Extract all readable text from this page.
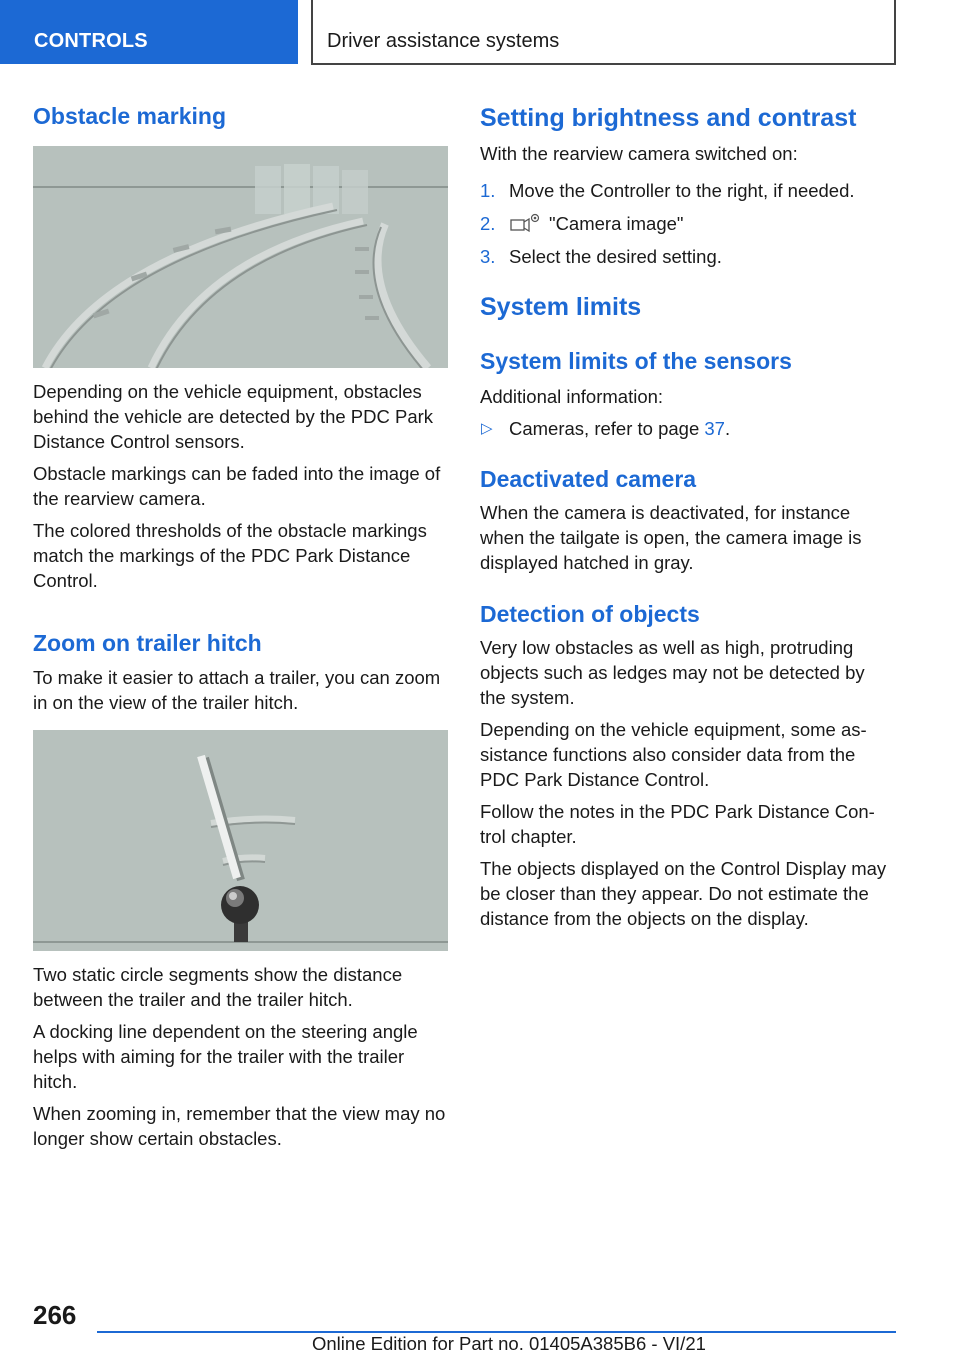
CONTROLS	Driver assistance systems
Obstacle marking
Depending on the vehicle equipment, obstacles behind the vehicle are detected by the PDC Park Distance Control sensors.
Obstacle markings can be faded into the image of the rearview camera.
The colored thresholds of the obstacle markings match the markings of the PDC Park Distance Control.
Zoom on trailer hitch
To make it easier to attach a trailer, you can zoom in on the view of the trailer hitch.
Two static circle segments show the distance between the trailer and the trailer hitch.
A docking line dependent on the steering angle helps with aiming for the trailer with the trailer hitch.
When zooming in, remember that the view may no longer show certain obstacles.
Setting brightness and contrast
With the rearview camera switched on:
1. Move the Controller to the right, if needed.
2.	"Camera image"
3. Select the desired setting.
System limits
System limits of the sensors
Additional information:
▷ Cameras, refer to page 37.
Deactivated camera
When the camera is deactivated, for instance when the tailgate is open, the camera image is displayed hatched in gray.
Detection of objects
Very low obstacles as well as high, protruding objects such as ledges may not be detected by the system.
Depending on the vehicle equipment, some as-sistance functions also consider data from the PDC Park Distance Control.
Follow the notes in the PDC Park Distance Con-trol chapter.
The objects displayed on the Control Display may be closer than they appear. Do not estimate the distance from the objects on the display.
266
Online Edition for Part no. 01405A385B6 - VI/21
